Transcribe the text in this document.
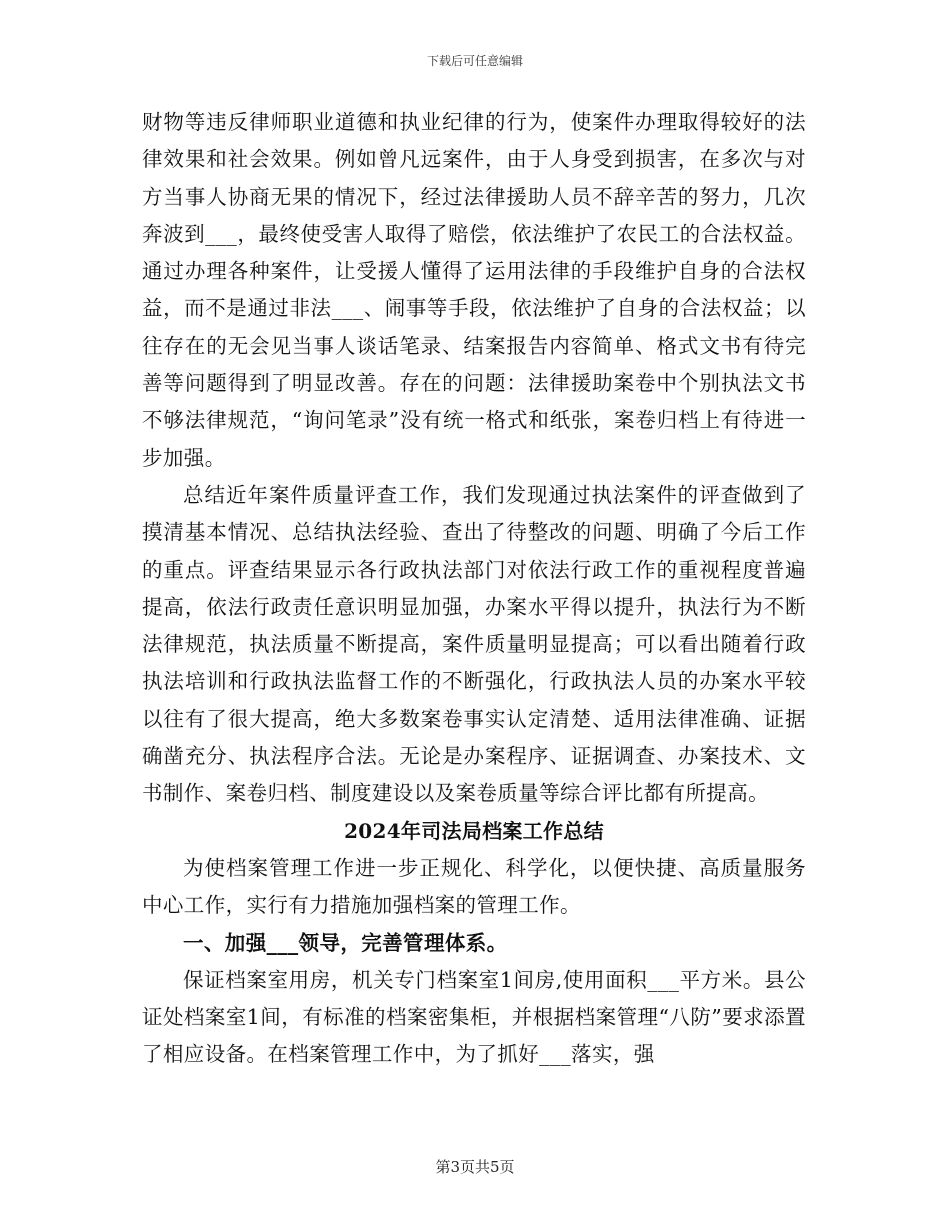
下载后可任意编辑

财物等违反律师职业道德和执业纪律的行为，使案件办理取得较好的法律效果和社会效果。例如曾凡远案件，由于人身受到损害，在多次与对方当事人协商无果的情况下，经过法律援助人员不辞辛苦的努力，几次奔波到___，最终使受害人取得了赔偿，依法维护了农民工的合法权益。通过办理各种案件，让受援人懂得了运用法律的手段维护自身的合法权益，而不是通过非法___、闹事等手段，依法维护了自身的合法权益；以往存在的无会见当事人谈话笔录、结案报告内容简单、格式文书有待完善等问题得到了明显改善。存在的问题：法律援助案卷中个别执法文书不够法律规范，“询问笔录”没有统一格式和纸张，案卷归档上有待进一步加强。

总结近年案件质量评查工作，我们发现通过执法案件的评查做到了摸清基本情况、总结执法经验、查出了待整改的问题、明确了今后工作的重点。评查结果显示各行政执法部门对依法行政工作的重视程度普遍提高，依法行政责任意识明显加强，办案水平得以提升，执法行为不断法律规范，执法质量不断提高，案件质量明显提高；可以看出随着行政执法培训和行政执法监督工作的不断强化，行政执法人员的办案水平较以往有了很大提高，绝大多数案卷事实认定清楚、适用法律准确、证据确凿充分、执法程序合法。无论是办案程序、证据调查、办案技术、文书制作、案卷归档、制度建设以及案卷质量等综合评比都有所提高。

2024年司法局档案工作总结

为使档案管理工作进一步正规化、科学化，以便快捷、高质量服务中心工作，实行有力措施加强档案的管理工作。

一、加强___领导，完善管理体系。

保证档案室用房，机关专门档案室1间房,使用面积___平方米。县公证处档案室1间，有标准的档案密集柜，并根据档案管理“八防”要求添置了相应设备。在档案管理工作中，为了抓好___落实，强

第3页共5页
